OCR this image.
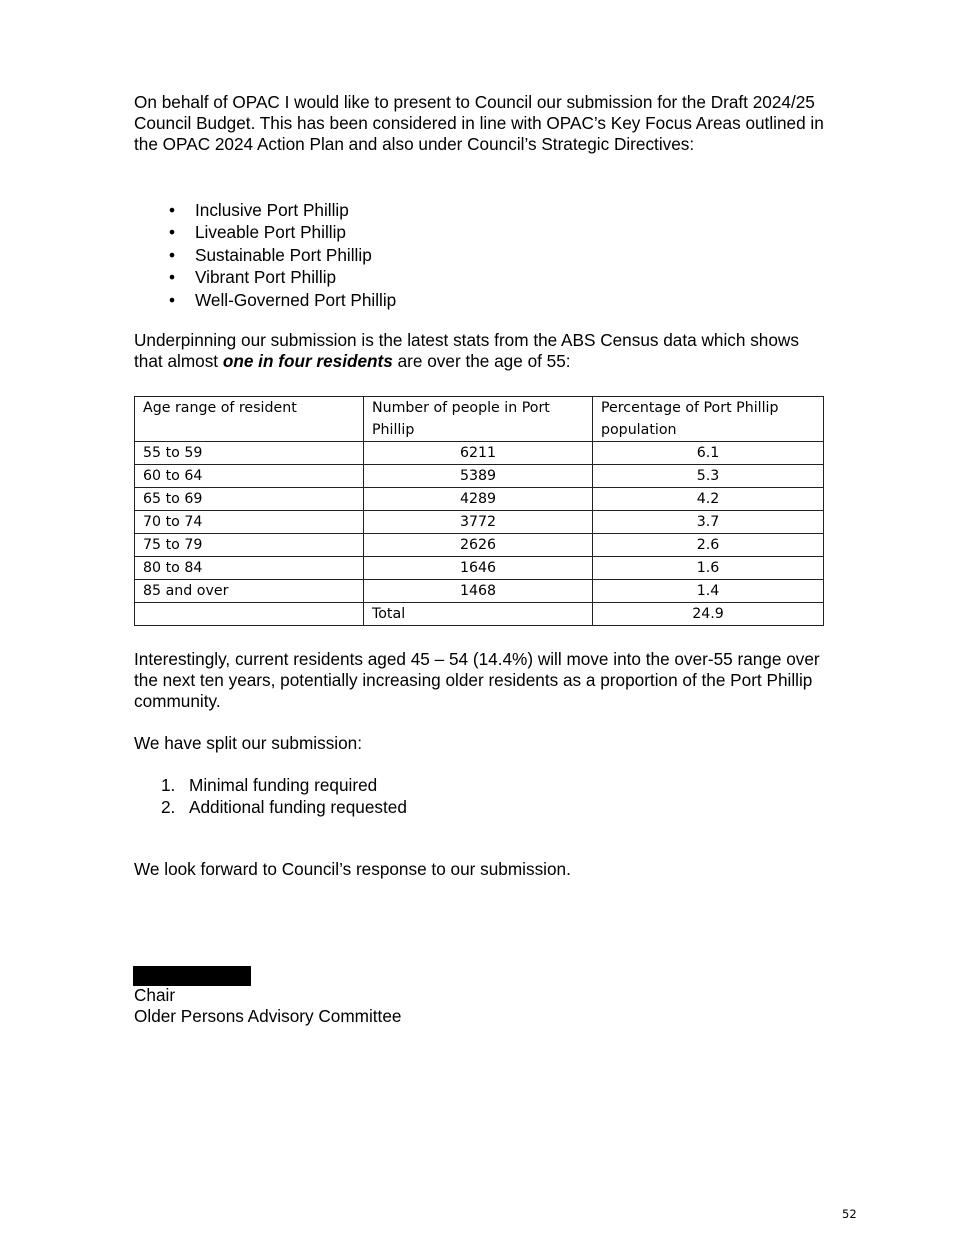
On behalf of OPAC I would like to present to Council our submission for the Draft 2024/25 Council Budget. This has been considered in line with OPAC’s Key Focus Areas outlined in the OPAC 2024 Action Plan and also under Council’s Strategic Directives:

• Inclusive Port Phillip
• Liveable Port Phillip
• Sustainable Port Phillip
• Vibrant Port Phillip
• Well-Governed Port Phillip

Underpinning our submission is the latest stats from the ABS Census data which shows that almost one in four residents are over the age of 55:

Age range of resident	Number of people in Port Phillip	Percentage of Port Phillip population
55 to 59	6211	6.1
60 to 64	5389	5.3
65 to 69	4289	4.2
70 to 74	3772	3.7
75 to 79	2626	2.6
80 to 84	1646	1.6
85 and over	1468	1.4
	Total	24.9

Interestingly, current residents aged 45 – 54 (14.4%) will move into the over-55 range over the next ten years, potentially increasing older residents as a proportion of the Port Phillip community.

We have split our submission:

1. Minimal funding required
2. Additional funding requested

We look forward to Council’s response to our submission.

Chair
Older Persons Advisory Committee
52
